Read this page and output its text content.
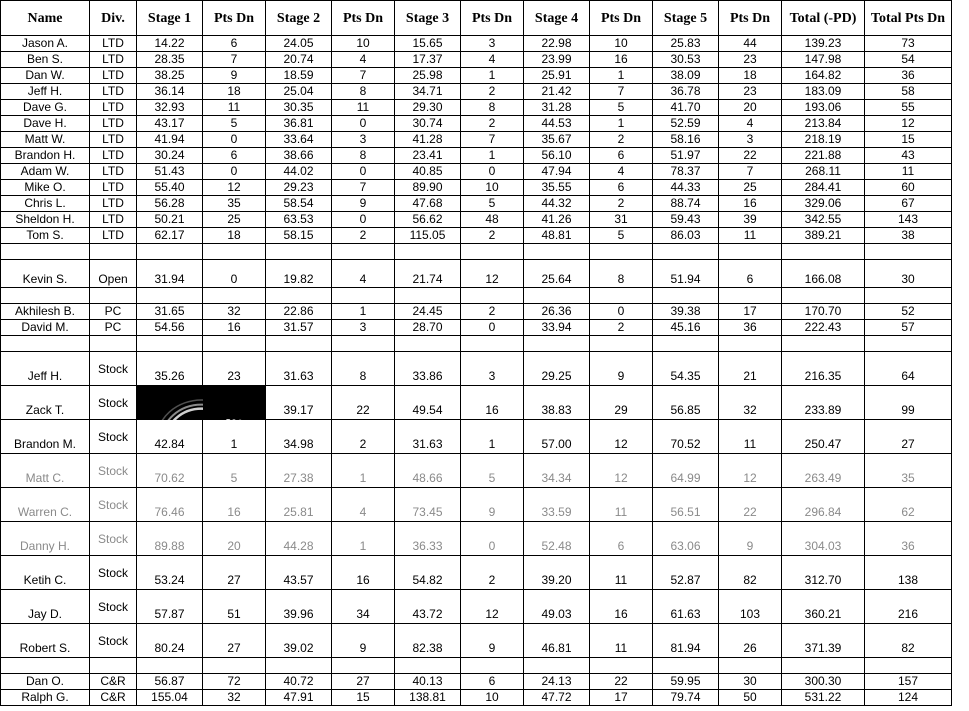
Name	Div.	Stage 1	Pts Dn	Stage 2	Pts Dn	Stage 3	Pts Dn	Stage 4	Pts Dn	Stage 5	Pts Dn	Total (-PD)	Total Pts Dn
Jason A.	LTD	14.22	6	24.05	10	15.65	3	22.98	10	25.83	44	139.23	73
Ben S.	LTD	28.35	7	20.74	4	17.37	4	23.99	16	30.53	23	147.98	54
Dan W.	LTD	38.25	9	18.59	7	25.98	1	25.91	1	38.09	18	164.82	36
Jeff H.	LTD	36.14	18	25.04	8	34.71	2	21.42	7	36.78	23	183.09	58
Dave G.	LTD	32.93	11	30.35	11	29.30	8	31.28	5	41.70	20	193.06	55
Dave H.	LTD	43.17	5	36.81	0	30.74	2	44.53	1	52.59	4	213.84	12
Matt W.	LTD	41.94	0	33.64	3	41.28	7	35.67	2	58.16	3	218.19	15
Brandon H.	LTD	30.24	6	38.66	8	23.41	1	56.10	6	51.97	22	221.88	43
Adam W.	LTD	51.43	0	44.02	0	40.85	0	47.94	4	78.37	7	268.11	11
Mike O.	LTD	55.40	12	29.23	7	89.90	10	35.55	6	44.33	25	284.41	60
Chris L.	LTD	56.28	35	58.54	9	47.68	5	44.32	2	88.74	16	329.06	67
Sheldon H.	LTD	50.21	25	63.53	0	56.62	48	41.26	31	59.43	39	342.55	143
Tom S.	LTD	62.17	18	58.15	2	115.05	2	48.81	5	86.03	11	389.21	38

Kevin S.	Open	31.94	0	19.82	4	21.74	12	25.64	8	51.94	6	166.08	30

Akhilesh B.	PC	31.65	32	22.86	1	24.45	2	26.36	0	39.38	17	170.70	52
David M.	PC	54.56	16	31.57	3	28.70	0	33.94	2	45.16	36	222.43	57

Jeff H.	Stock	35.26	23	31.63	8	33.86	3	29.25	9	54.35	21	216.35	64
Zack T.	Stock			39.17	22	49.54	16	38.83	29	56.85	32	233.89	99
Brandon M.	Stock	42.84	1	34.98	2	31.63	1	57.00	12	70.52	11	250.47	27
Matt C.	Stock	70.62	5	27.38	1	48.66	5	34.34	12	64.99	12	263.49	35
Warren C.	Stock	76.46	16	25.81	4	73.45	9	33.59	11	56.51	22	296.84	62
Danny H.	Stock	89.88	20	44.28	1	36.33	0	52.48	6	63.06	9	304.03	36
Ketih C.	Stock	53.24	27	43.57	16	54.82	2	39.20	11	52.87	82	312.70	138
Jay D.	Stock	57.87	51	39.96	34	43.72	12	49.03	16	61.63	103	360.21	216
Robert S.	Stock	80.24	27	39.02	9	82.38	9	46.81	11	81.94	26	371.39	82

Dan O.	C&R	56.87	72	40.72	27	40.13	6	24.13	22	59.95	30	300.30	157
Ralph G.	C&R	155.04	32	47.91	15	138.81	10	47.72	17	79.74	50	531.22	124
